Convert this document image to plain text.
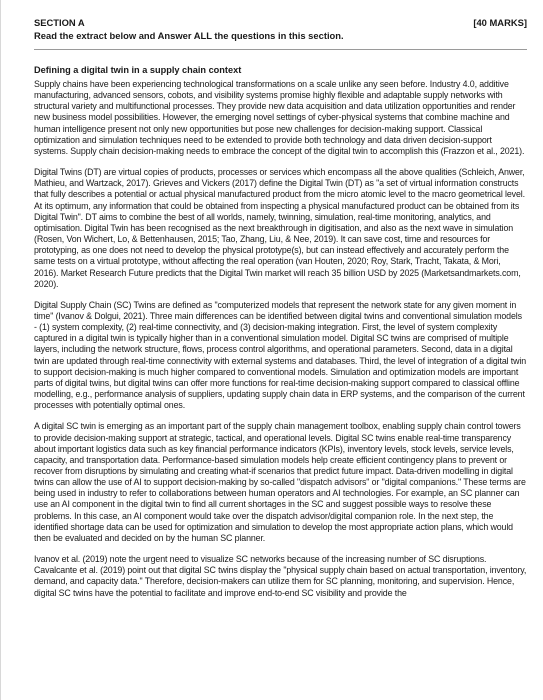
SECTION A	[40 MARKS]
Read the extract below and Answer ALL the questions in this section.
Defining a digital twin in a supply chain context

Supply chains have been experiencing technological transformations on a scale unlike any seen before. Industry 4.0, additive manufacturing, advanced sensors, cobots, and visibility systems promise highly flexible and adaptable supply networks with structural variety and multifunctional processes. They provide new data acquisition and data utilization opportunities and render new business model possibilities. However, the emerging novel settings of cyber-physical systems that combine machine and human intelligence present not only new opportunities but pose new challenges for decision-making support. Classical optimization and simulation techniques need to be extended to provide both technology and data driven decision-support systems. Supply chain decision-making needs to embrace the concept of the digital twin to accomplish this (Frazzon et al., 2021).

Digital Twins (DT) are virtual copies of products, processes or services which encompass all the above qualities (Schleich, Anwer, Mathieu, and Wartzack, 2017). Grieves and Vickers (2017) define the Digital Twin (DT) as "a set of virtual information constructs that fully describes a potential or actual physical manufactured product from the micro atomic level to the macro geometrical level. At its optimum, any information that could be obtained from inspecting a physical manufactured product can be obtained from its Digital Twin". DT aims to combine the best of all worlds, namely, twinning, simulation, real-time monitoring, analytics, and optimisation. Digital Twin has been recognised as the next breakthrough in digitisation, and also as the next wave in simulation (Rosen, Von Wichert, Lo, & Bettenhausen, 2015; Tao, Zhang, Liu, & Nee, 2019). It can save cost, time and resources for prototyping, as one does not need to develop the physical prototype(s), but can instead effectively and accurately perform the same tests on a virtual prototype, without affecting the real operation (van Houten, 2020; Roy, Stark, Tracht, Takata, & Mori, 2016). Market Research Future predicts that the Digital Twin market will reach 35 billion USD by 2025 (Marketsandmarkets.com, 2020).

Digital Supply Chain (SC) Twins are defined as "computerized models that represent the network state for any given moment in time" (Ivanov & Dolgui, 2021). Three main differences can be identified between digital twins and conventional simulation models - (1) system complexity, (2) real-time connectivity, and (3) decision-making integration. First, the level of system complexity captured in a digital twin is typically higher than in a conventional simulation model. Digital SC twins are comprised of multiple layers, including the network structure, flows, process control algorithms, and operational parameters. Second, data in a digital twin are updated through real-time connectivity with external systems and databases. Third, the level of integration of a digital twin to support decision-making is much higher compared to conventional models. Simulation and optimization models are important parts of digital twins, but digital twins can offer more functions for real-time decision-making support compared to classical offline modelling, e.g., performance analysis of suppliers, updating supply chain data in ERP systems, and the comparison of the current processes with potentially optimal ones.

A digital SC twin is emerging as an important part of the supply chain management toolbox, enabling supply chain control towers to provide decision-making support at strategic, tactical, and operational levels. Digital SC twins enable real-time transparency about important logistics data such as key financial performance indicators (KPIs), inventory levels, stock levels, service levels, capacity, and transportation data. Performance-based simulation models help create efficient contingency plans to prevent or recover from disruptions by simulating and creating what-if scenarios that predict future impact. Data-driven modelling in digital twins can allow the use of AI to support decision-making by so-called "dispatch advisors" or "digital companions." These terms are being used in industry to refer to collaborations between human operators and AI technologies. For example, an SC planner can use an AI component in the digital twin to find all current shortages in the SC and suggest possible ways to resolve these problems. In this case, an AI component would take over the dispatch advisor/digital companion role. In the next step, the identified shortage data can be used for optimization and simulation to develop the most appropriate action plans, which would then be evaluated and decided on by the human SC planner.

Ivanov et al. (2019) note the urgent need to visualize SC networks because of the increasing number of SC disruptions. Cavalcante et al. (2019) point out that digital SC twins display the "physical supply chain based on actual transportation, inventory, demand, and capacity data." Therefore, decision-makers can utilize them for SC planning, monitoring, and supervision. Hence, digital SC twins have the potential to facilitate and improve end-to-end SC visibility and provide the
